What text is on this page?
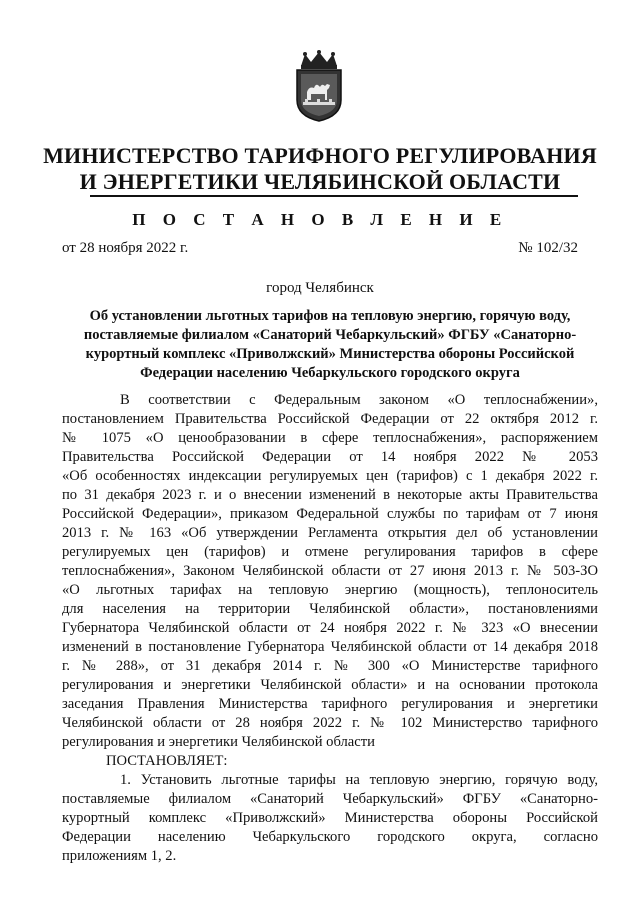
МИНИСТЕРСТВО ТАРИФНОГО РЕГУЛИРОВАНИЯ
И ЭНЕРГЕТИКИ ЧЕЛЯБИНСКОЙ ОБЛАСТИ
П О С Т А Н О В Л Е Н И Е
от 28 ноября 2022 г.	№ 102/32
город Челябинск
Об установлении льготных тарифов на тепловую энергию, горячую воду,
поставляемые филиалом «Санаторий Чебаркульский» ФГБУ «Санаторно-
курортный комплекс «Приволжский» Министерства обороны Российской
Федерации населению Чебаркульского городского округа
В соответствии с Федеральным законом «О теплоснабжении»,
постановлением Правительства Российской Федерации от 22 октября 2012 г.
№ 1075 «О ценообразовании в сфере теплоснабжения», распоряжением
Правительства Российской Федерации от 14 ноября 2022 № 2053
«Об особенностях индексации регулируемых цен (тарифов) с 1 декабря 2022 г.
по 31 декабря 2023 г. и о внесении изменений в некоторые акты Правительства
Российской Федерации», приказом Федеральной службы по тарифам от 7 июня
2013 г. № 163 «Об утверждении Регламента открытия дел об установлении
регулируемых цен (тарифов) и отмене регулирования тарифов в сфере
теплоснабжения», Законом Челябинской области от 27 июня 2013 г. № 503-ЗО
«О льготных тарифах на тепловую энергию (мощность), теплоноситель
для населения на территории Челябинской области», постановлениями
Губернатора Челябинской области от 24 ноября 2022 г. № 323 «О внесении
изменений в постановление Губернатора Челябинской области от 14 декабря 2018
г. № 288», от 31 декабря 2014 г. № 300 «О Министерстве тарифного
регулирования и энергетики Челябинской области» и на основании протокола
заседания Правления Министерства тарифного регулирования и энергетики
Челябинской области от 28 ноября 2022 г. № 102 Министерство тарифного
регулирования и энергетики Челябинской области
ПОСТАНОВЛЯЕТ:
1. Установить льготные тарифы на тепловую энергию, горячую воду,
поставляемые филиалом «Санаторий Чебаркульский» ФГБУ «Санаторно-
курортный комплекс «Приволжский» Министерства обороны Российской
Федерации населению Чебаркульского городского округа, согласно
приложениям 1, 2.
